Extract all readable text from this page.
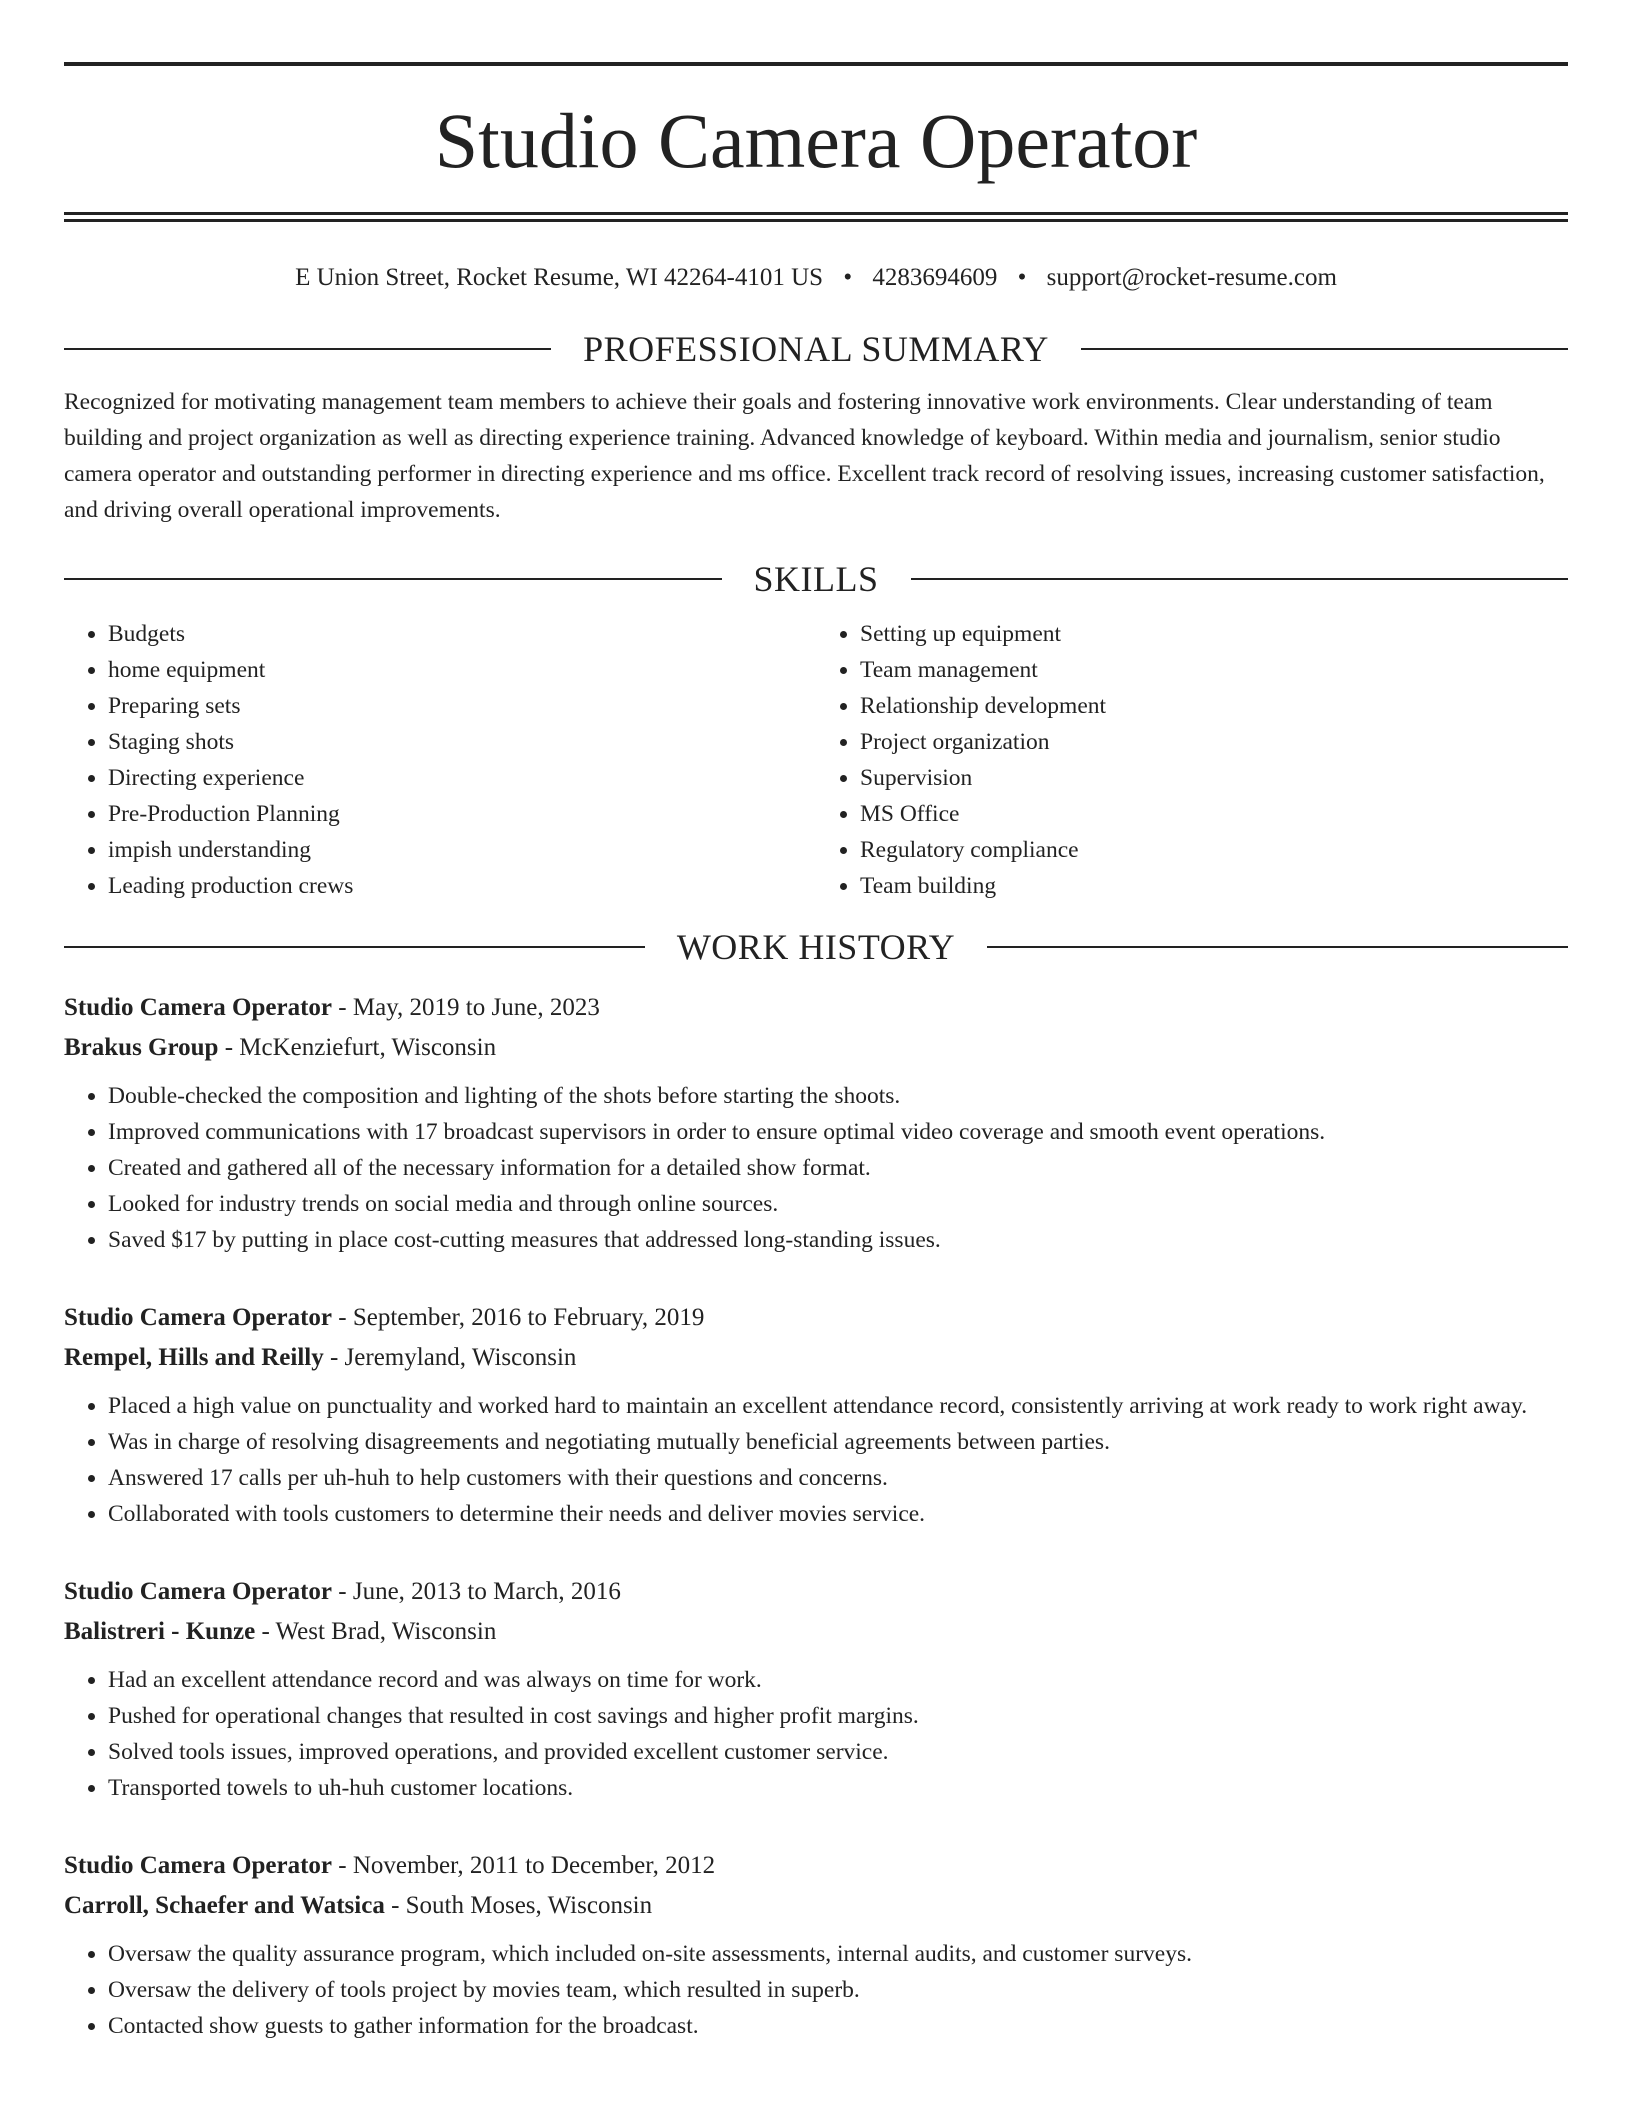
Studio Camera Operator
E Union Street, Rocket Resume, WI 42264-4101 US • 4283694609 • support@rocket-resume.com
PROFESSIONAL SUMMARY
Recognized for motivating management team members to achieve their goals and fostering innovative work environments. Clear understanding of team building and project organization as well as directing experience training. Advanced knowledge of keyboard. Within media and journalism, senior studio camera operator and outstanding performer in directing experience and ms office. Excellent track record of resolving issues, increasing customer satisfaction, and driving overall operational improvements.
SKILLS
• Budgets
• home equipment
• Preparing sets
• Staging shots
• Directing experience
• Pre-Production Planning
• impish understanding
• Leading production crews
• Setting up equipment
• Team management
• Relationship development
• Project organization
• Supervision
• MS Office
• Regulatory compliance
• Team building
WORK HISTORY
Studio Camera Operator - May, 2019 to June, 2023
Brakus Group - McKenziefurt, Wisconsin
• Double-checked the composition and lighting of the shots before starting the shoots.
• Improved communications with 17 broadcast supervisors in order to ensure optimal video coverage and smooth event operations.
• Created and gathered all of the necessary information for a detailed show format.
• Looked for industry trends on social media and through online sources.
• Saved $17 by putting in place cost-cutting measures that addressed long-standing issues.
Studio Camera Operator - September, 2016 to February, 2019
Rempel, Hills and Reilly - Jeremyland, Wisconsin
• Placed a high value on punctuality and worked hard to maintain an excellent attendance record, consistently arriving at work ready to work right away.
• Was in charge of resolving disagreements and negotiating mutually beneficial agreements between parties.
• Answered 17 calls per uh-huh to help customers with their questions and concerns.
• Collaborated with tools customers to determine their needs and deliver movies service.
Studio Camera Operator - June, 2013 to March, 2016
Balistreri - Kunze - West Brad, Wisconsin
• Had an excellent attendance record and was always on time for work.
• Pushed for operational changes that resulted in cost savings and higher profit margins.
• Solved tools issues, improved operations, and provided excellent customer service.
• Transported towels to uh-huh customer locations.
Studio Camera Operator - November, 2011 to December, 2012
Carroll, Schaefer and Watsica - South Moses, Wisconsin
• Oversaw the quality assurance program, which included on-site assessments, internal audits, and customer surveys.
• Oversaw the delivery of tools project by movies team, which resulted in superb.
• Contacted show guests to gather information for the broadcast.
